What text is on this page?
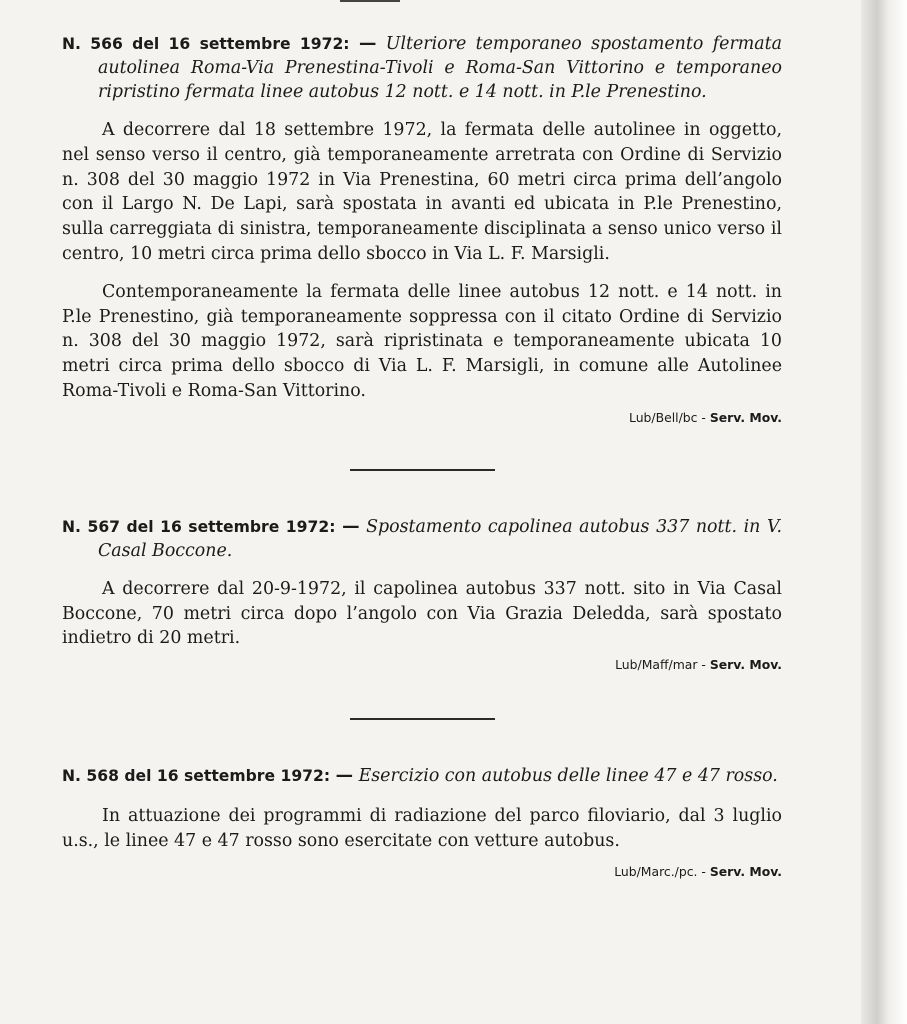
N. 566 del 16 settembre 1972: — Ulteriore temporaneo spostamento fermata autolinea Roma-Via Prenestina-Tivoli e Roma-San Vittorino e temporaneo ripristino fermata linee autobus 12 nott. e 14 nott. in P.le Prenestino.

A decorrere dal 18 settembre 1972, la fermata delle autolinee in oggetto, nel senso verso il centro, già temporaneamente arretrata con Ordine di Servizio n. 308 del 30 maggio 1972 in Via Prenestina, 60 metri circa prima dell’angolo con il Largo N. De Lapi, sarà spostata in avanti ed ubicata in P.le Prenestino, sulla carreggiata di sinistra, temporaneamente disciplinata a senso unico verso il centro, 10 metri circa prima dello sbocco in Via L. F. Marsigli.

Contemporaneamente la fermata delle linee autobus 12 nott. e 14 nott. in P.le Prenestino, già temporaneamente soppressa con il citato Ordine di Servizio n. 308 del 30 maggio 1972, sarà ripristinata e temporaneamente ubicata 10 metri circa prima dello sbocco di Via L. F. Marsigli, in comune alle Autolinee Roma-Tivoli e Roma-San Vittorino.

Lub/Bell/bc - Serv. Mov.
N. 567 del 16 settembre 1972: — Spostamento capolinea autobus 337 nott. in V. Casal Boccone.

A decorrere dal 20-9-1972, il capolinea autobus 337 nott. sito in Via Casal Boccone, 70 metri circa dopo l’angolo con Via Grazia Deledda, sarà spostato indietro di 20 metri.

Lub/Maff/mar - Serv. Mov.
N. 568 del 16 settembre 1972: — Esercizio con autobus delle linee 47 e 47 rosso.

In attuazione dei programmi di radiazione del parco filoviario, dal 3 luglio u.s., le linee 47 e 47 rosso sono esercitate con vetture autobus.

Lub/Marc./pc. - Serv. Mov.
